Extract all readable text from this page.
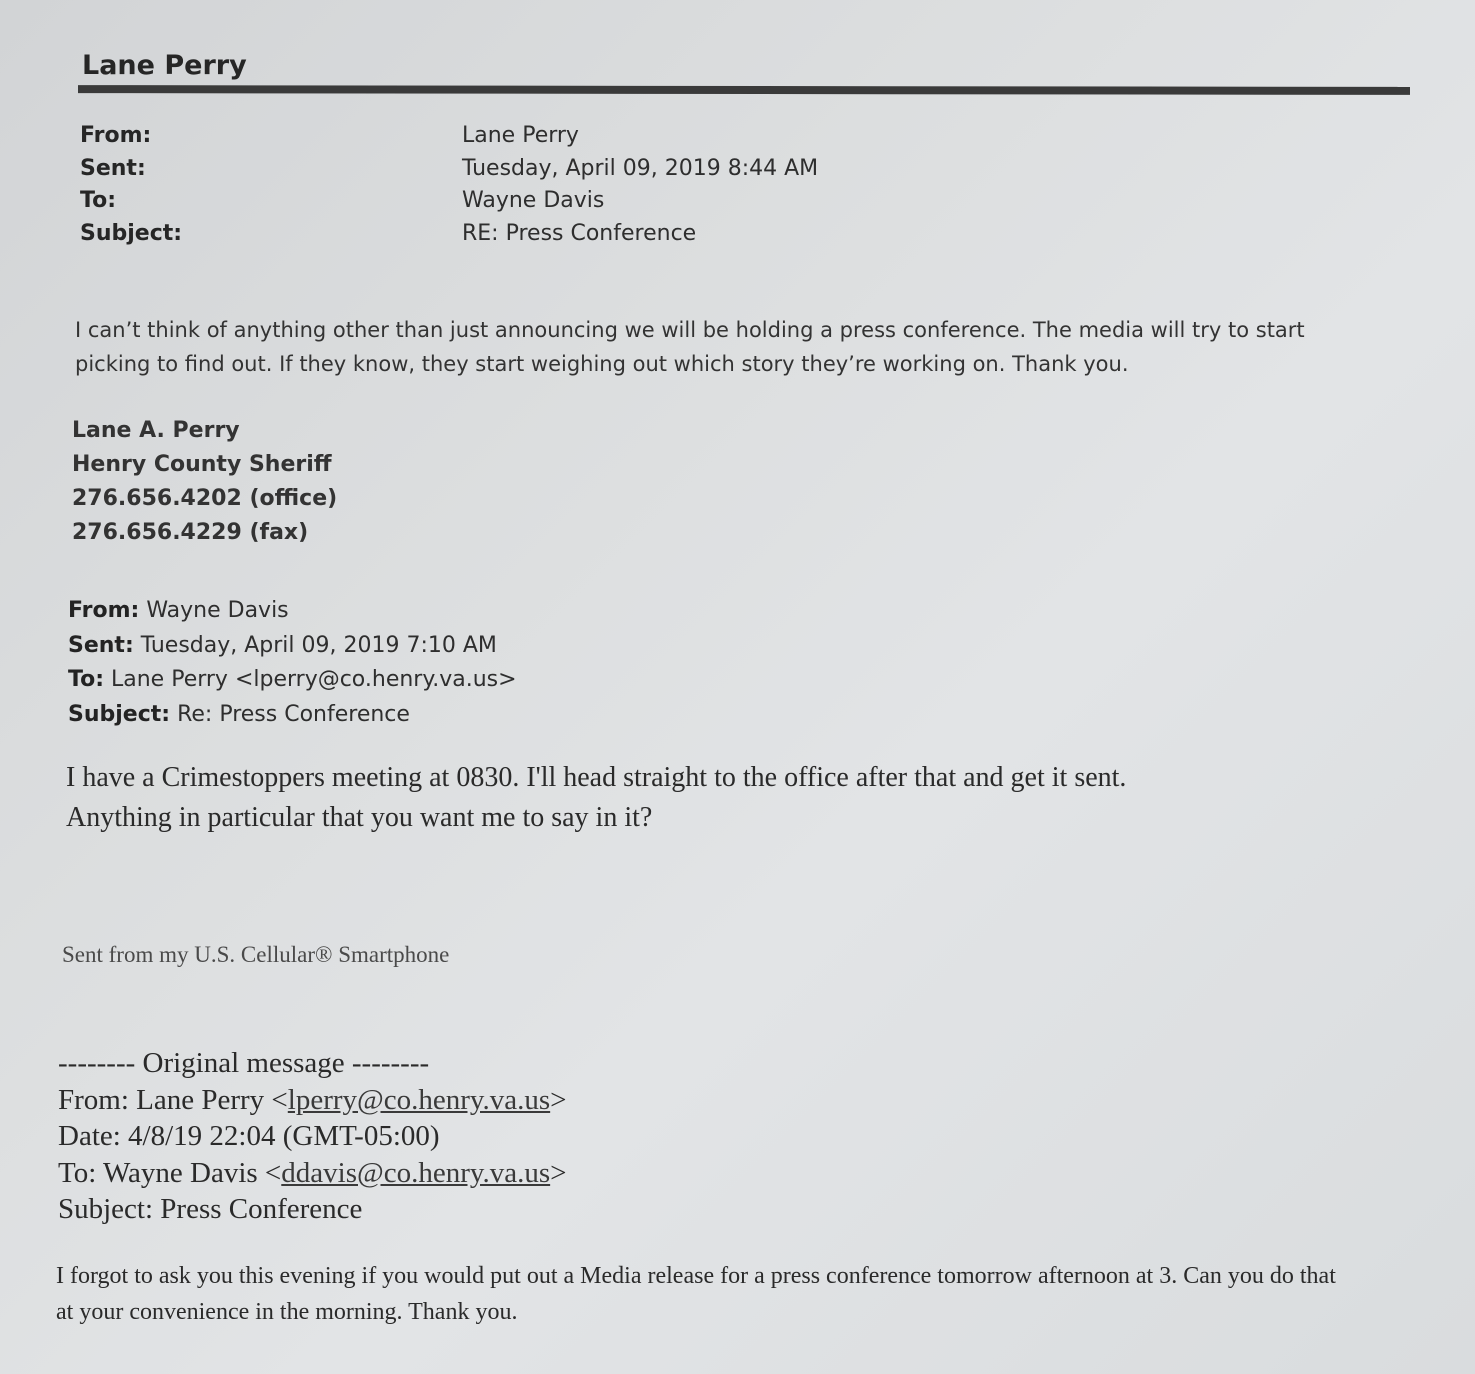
Lane Perry
From:	Lane Perry
Sent:	Tuesday, April 09, 2019 8:44 AM
To:	Wayne Davis
Subject:	RE: Press Conference
I can’t think of anything other than just announcing we will be holding a press conference. The media will try to start
picking to find out. If they know, they start weighing out which story they’re working on. Thank you.
Lane A. Perry
Henry County Sheriff
276.656.4202 (office)
276.656.4229 (fax)
From: Wayne Davis
Sent: Tuesday, April 09, 2019 7:10 AM
To: Lane Perry <lperry@co.henry.va.us>
Subject: Re: Press Conference
I have a Crimestoppers meeting at 0830. I'll head straight to the office after that and get it sent.
Anything in particular that you want me to say in it?
Sent from my U.S. Cellular® Smartphone
-------- Original message --------
From: Lane Perry <lperry@co.henry.va.us>
Date: 4/8/19 22:04 (GMT-05:00)
To: Wayne Davis <ddavis@co.henry.va.us>
Subject: Press Conference
I forgot to ask you this evening if you would put out a Media release for a press conference tomorrow afternoon at 3. Can you do that
at your convenience in the morning. Thank you.
